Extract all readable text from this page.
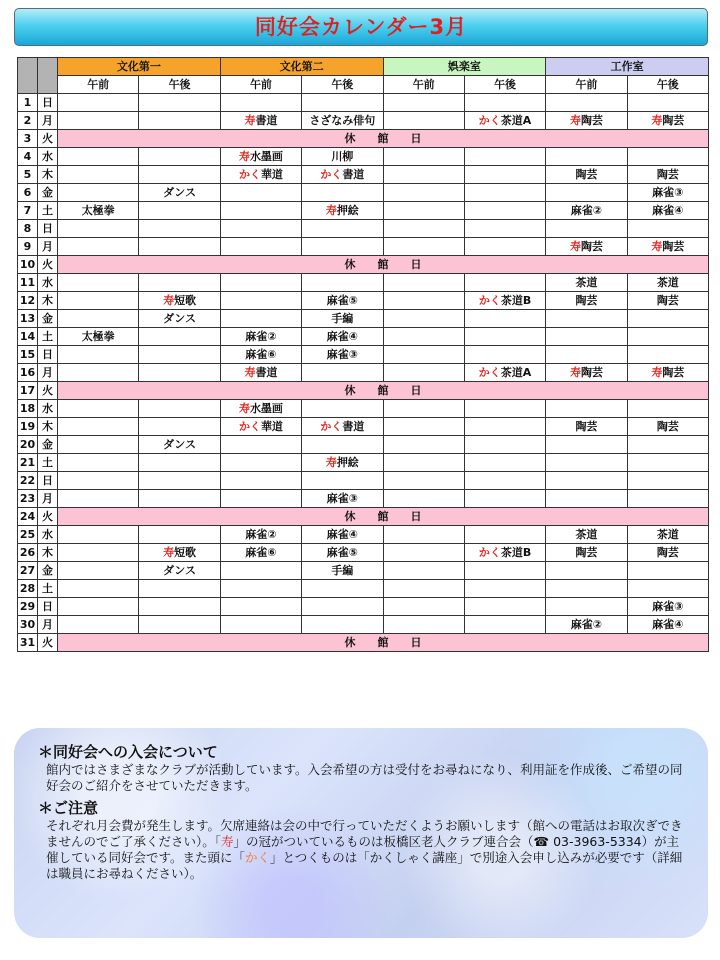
同好会カレンダー3月
		文化第一		文化第二		娯楽室		工作室	
		午前	午後	午前	午後	午前	午後	午前	午後
1	日								
2	月			寿書道	さざなみ俳句		かく茶道A	寿陶芸	寿陶芸
3	火	休 館 日							
4	水			寿水墨画	川柳				
5	木			かく華道	かく書道			陶芸	陶芸
6	金		ダンス						麻雀③
7	土	太極拳			寿押絵			麻雀②	麻雀④
8	日								
9	月							寿陶芸	寿陶芸
10	火	休 館 日							
11	水							茶道	茶道
12	木		寿短歌		麻雀⑤		かく茶道B	陶芸	陶芸
13	金		ダンス		手編				
14	土	太極拳		麻雀②	麻雀④				
15	日			麻雀⑥	麻雀③				
16	月			寿書道			かく茶道A	寿陶芸	寿陶芸
17	火	休 館 日							
18	水			寿水墨画					
19	木			かく華道	かく書道			陶芸	陶芸
20	金		ダンス						
21	土				寿押絵				
22	日								
23	月				麻雀③				
24	火	休 館 日							
25	水			麻雀②	麻雀④			茶道	茶道
26	木		寿短歌	麻雀⑥	麻雀⑤		かく茶道B	陶芸	陶芸
27	金		ダンス		手編				
28	土								
29	日								麻雀③
30	月							麻雀②	麻雀④
31	火	休 館 日							
＊同好会への入会について

館内ではさまざまなクラブが活動しています。入会希望の方は受付をお尋ねになり、利用証を作成後、ご希望の同好会のご紹介をさせていただきます。

＊ご注意

それぞれ月会費が発生します。欠席連絡は会の中で行っていただくようお願いします（館への電話はお取次ぎできませんのでご了承ください）。「寿」の冠がついているものは板橋区老人クラブ連合会（☎ 03-3963-5334）が主催している同好会です。また頭に「かく」とつくものは「かくしゃく講座」で別途入会申し込みが必要です（詳細は職員にお尋ねください）。
